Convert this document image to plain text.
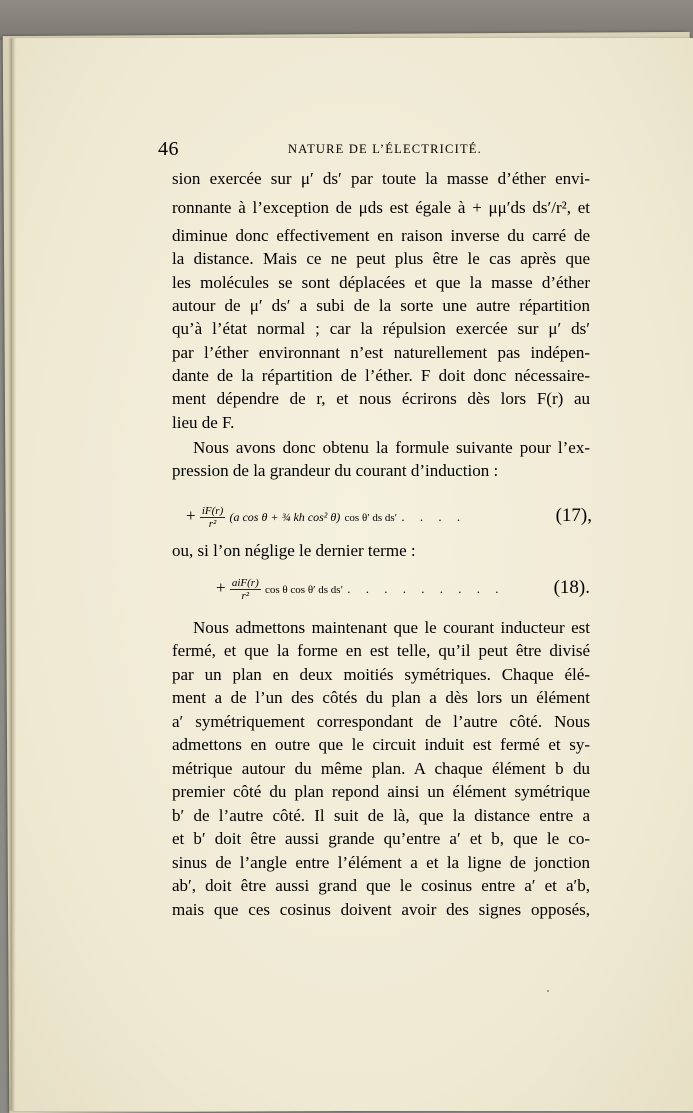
46	NATURE DE L’ÉLECTRICITÉ.
sion exercée sur μ′ ds′ par toute la masse d’éther envi-
ronnante à l’exception de μds est égale à + μμ′ds ds′/r², et
diminue donc effectivement en raison inverse du carré de
la distance. Mais ce ne peut plus être le cas après que
les molécules se sont déplacées et que la masse d’éther
autour de μ′ ds′ a subi de la sorte une autre répartition
qu’à l’état normal ; car la répulsion exercée sur μ′ ds′
par l’éther environnant n’est naturellement pas indépen-
dante de la répartition de l’éther. F doit donc nécessaire-
ment dépendre de r, et nous écrirons dès lors F(r) au
lieu de F.
Nous avons donc obtenu la formule suivante pour l’ex-
pression de la grandeur du courant d’induction :
+ $\frac{iF(r)}{\text{r²}} (a$ cos θ + ¾ kh cos² θ) cos θ′ ds ds′ . . . .	(17),
ou, si l’on néglige le dernier terme :
+ $\frac{\text{aiF(r)}}{\text{r²}}$ cos θ cos θ′ ds ds′ . . . . . . . . .	(18).
Nous admettons maintenant que le courant inducteur est
fermé, et que la forme en est telle, qu’il peut être divisé
par un plan en deux moitiés symétriques. Chaque élé-
ment a de l’un des côtés du plan a dès lors un élément
a′ symétriquement correspondant de l’autre côté. Nous
admettons en outre que le circuit induit est fermé et sy-
métrique autour du même plan. A chaque élément b du
premier côté du plan repond ainsi un élément symétrique
b′ de l’autre côté. Il suit de là, que la distance entre a
et b′ doit être aussi grande qu’entre a′ et b, que le co-
sinus de l’angle entre l’élément a et la ligne de jonction
ab′, doit être aussi grand que le cosinus entre a′ et a′b,
mais que ces cosinus doivent avoir des signes opposés,
